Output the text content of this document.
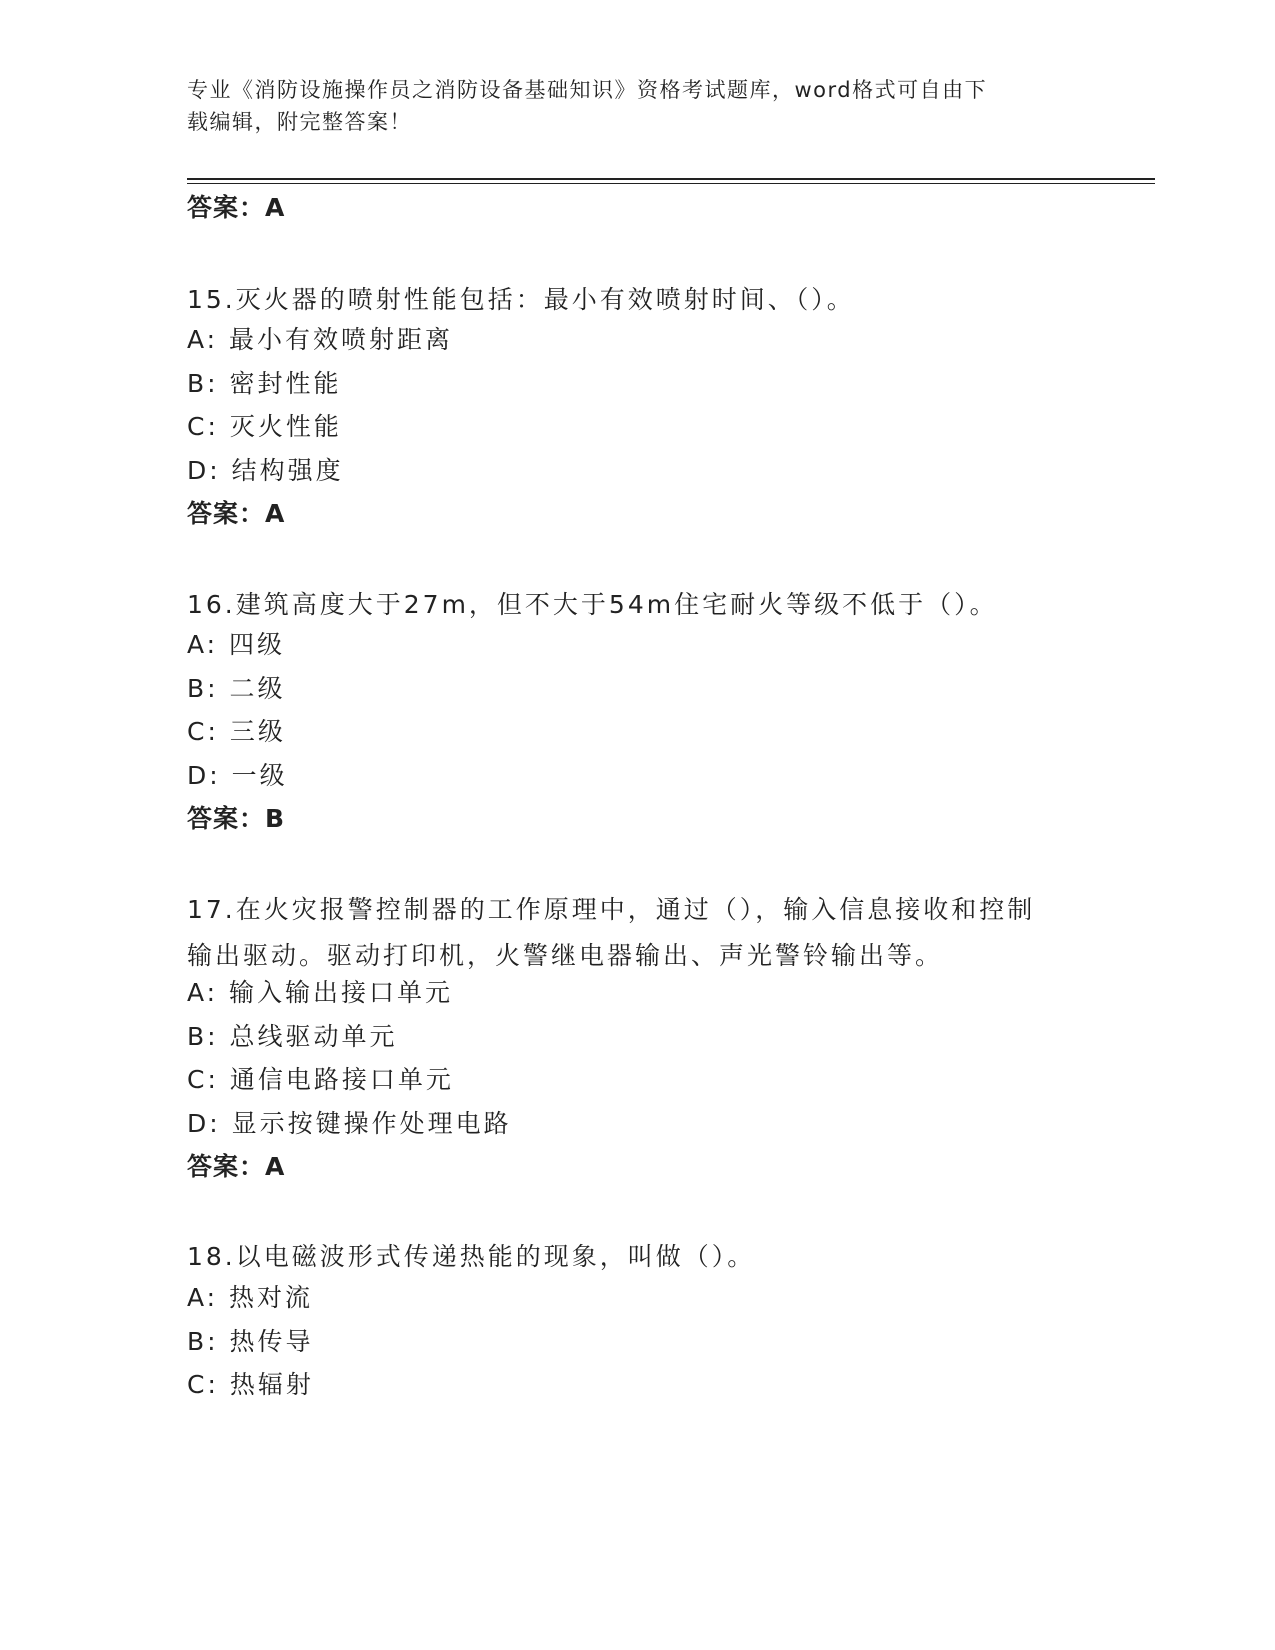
专业《消防设施操作员之消防设备基础知识》资格考试题库，word格式可自由下
载编辑，附完整答案！
答案：A
15.灭火器的喷射性能包括：最小有效喷射时间、（）。
A: 最小有效喷射距离
B: 密封性能
C: 灭火性能
D: 结构强度
答案：A
16.建筑高度大于27m，但不大于54m住宅耐火等级不低于（）。
A: 四级
B: 二级
C: 三级
D: 一级
答案：B
17.在火灾报警控制器的工作原理中，通过（），输入信息接收和控制
输出驱动。驱动打印机，火警继电器输出、声光警铃输出等。
A: 输入输出接口单元
B: 总线驱动单元
C: 通信电路接口单元
D: 显示按键操作处理电路
答案：A
18.以电磁波形式传递热能的现象，叫做（）。
A: 热对流
B: 热传导
C: 热辐射
